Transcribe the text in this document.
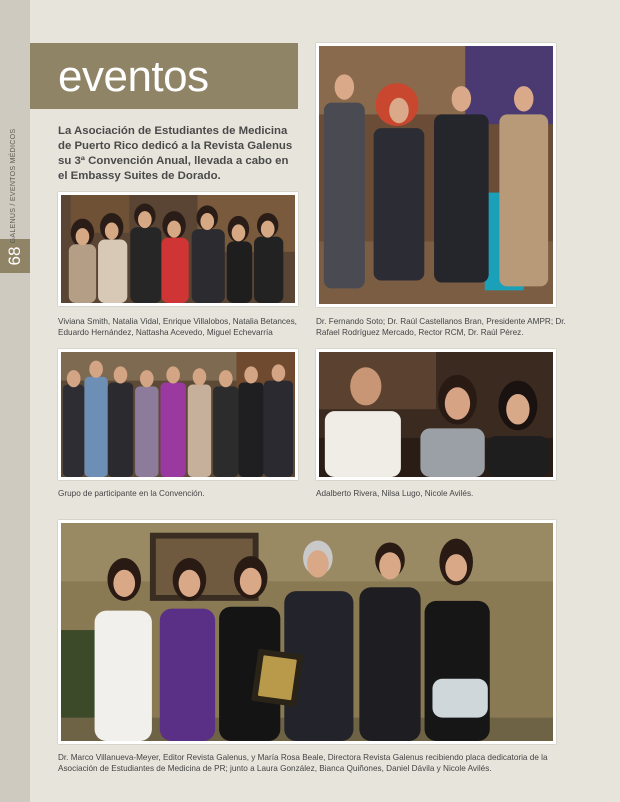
68
GALENUS / EVENTOS MÉDICOS
eventos
La Asociación de Estudiantes de Medicina de Puerto Rico dedicó a la Revista Galenus su 3ª Convención Anual, llevada a cabo en el Embassy Suites de Dorado.
Viviana Smith, Natalia Vidal, Enrique Villalobos, Natalia Betances, Eduardo Hernández, Nattasha Acevedo, Miguel Echevarría
Dr. Fernando Soto; Dr. Raúl Castellanos Bran, Presidente AMPR; Dr. Rafael Rodríguez Mercado, Rector RCM, Dr. Raúl Pérez.
Grupo de participante en la Convención.	Adalberto Rivera, Nilsa Lugo, Nicole Avilés.
Dr. Marco Villanueva-Meyer, Editor Revista Galenus, y María Rosa Beale, Directora Revista Galenus recibiendo placa dedicatoria de la Asociación de Estudiantes de Medicina de PR; junto a Laura González, Bianca Quiñones, Daniel Dávila y Nicole Avilés.
